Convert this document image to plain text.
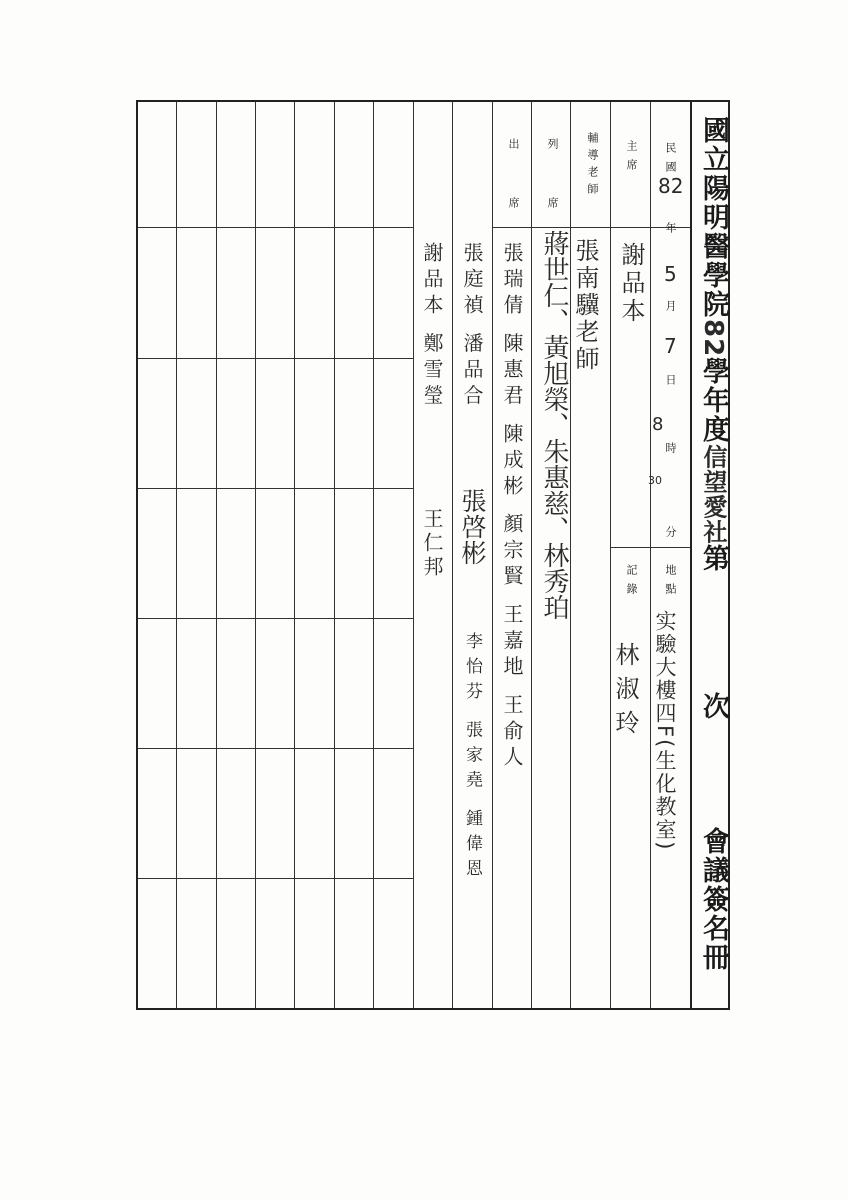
國立陽明醫學院82學年度信望愛社第
次
會議簽名冊
民國
82
年
5
月
7
日
8
時
30
分
地點
实驗大樓四F(生化教室)
主席
謝品本
記錄
林淑玲
輔導老師
張南驥老師
列席
出席
蔣世仁、黃旭榮、朱惠慈、林秀珀
張瑞倩 陳惠君 陳成彬 顏宗賢 王嘉地 王俞人
張庭禎 潘品合
張啓彬
李怡芬 張家堯 鍾偉恩
謝品本 鄭雪瑩
王仁邦
